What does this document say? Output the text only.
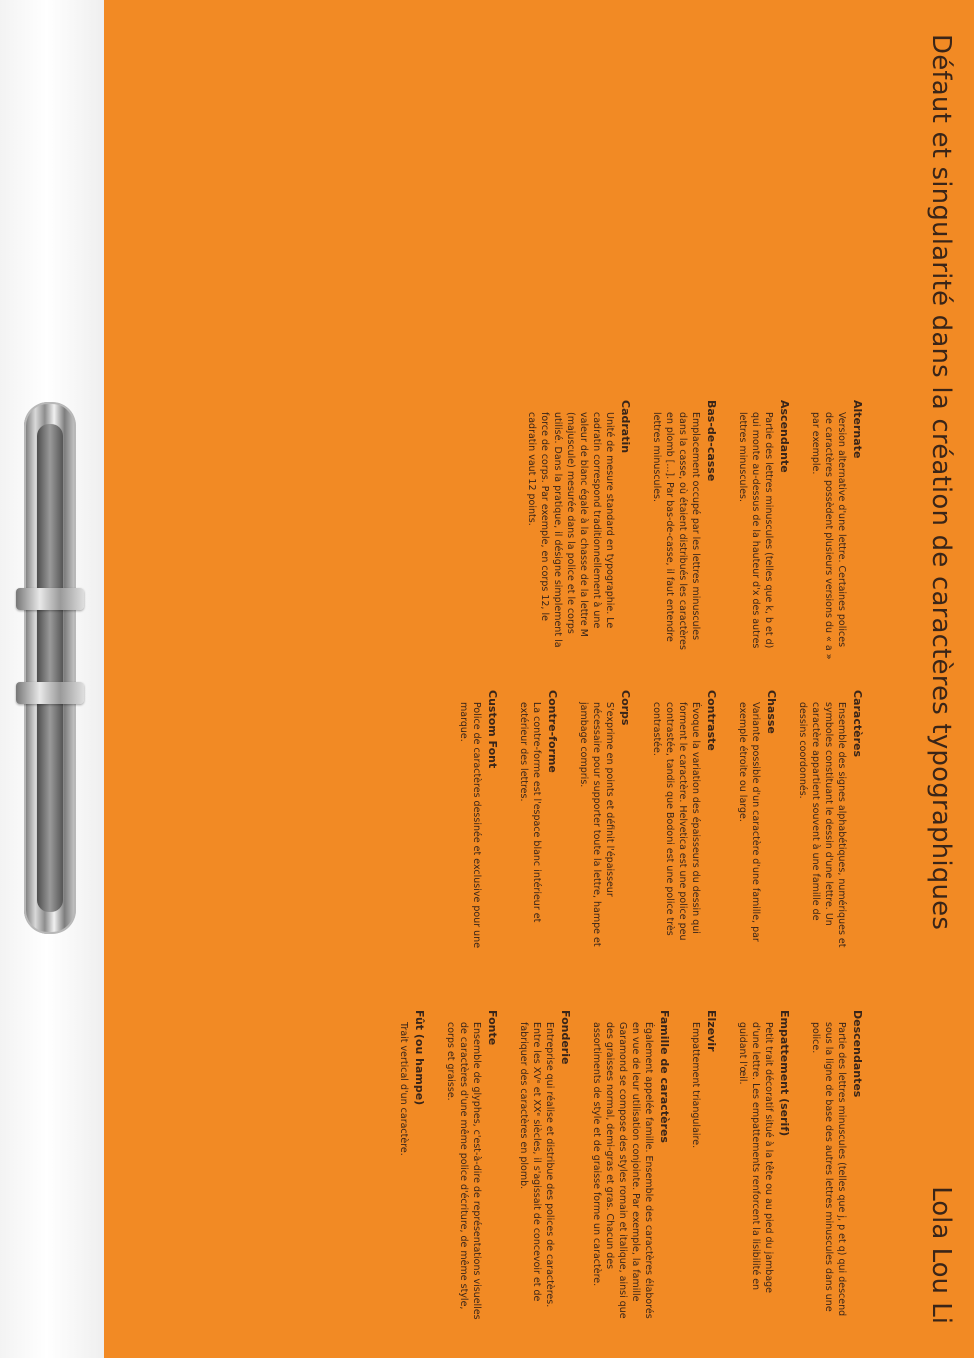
Défaut et singularité dans la création de caractères typographiques
Lola Lou Li

Alternate

Version alternative d'une lettre. Certaines polices de caractères possèdent plusieurs versions du « a » par exemple.

Ascendante

Partie des lettres minuscules (telles que k, b et d) qui monte au-dessus de la hauteur d'x des autres lettres minuscules.

Bas-de-casse

Emplacement occupé par les lettres minuscules dans la casse, où étaient distribués les caractères en plomb [...]. Par bas-de-casse, il faut entendre lettres minuscules.

Cadratin

Unité de mesure standard en typographie. Le cadratin correspond traditionnellement à une valeur de blanc égale à la chasse de la lettre M (majuscule) mesurée dans la police et le corps utilisé. Dans la pratique, il désigne simplement la force de corps. Par exemple, en corps 12, le cadratin vaut 12 points.

Caractères

Ensemble des signes alphabétiques, numériques et symboles constituant le dessin d'une lettre. Un caractère appartient souvent à une famille de dessins coordonnés.

Chasse

Variante possible d'un caractère d'une famille, par exemple étroite ou large.

Contraste

Évoque la variation des épaisseurs du dessin qui forment le caractère. Helvetica est une police peu contrastée, tandis que Bodoni est une police très contrastée.

Corps

S'exprime en points et définit l'épaisseur nécessaire pour supporter toute la lettre, hampe et jambage compris.

Contre-forme

La contre-forme est l'espace blanc intérieur et extérieur des lettres.

Custom Font

Police de caractères dessinée et exclusive pour une marque.

Descendantes

Partie des lettres minuscules (telles que j, p et q) qui descend sous la ligne de base des autres lettres minuscules dans une police.

Empattement (serif)

Petit trait décoratif situé à la tête ou au pied du jambage d'une lettre. Les empattements renforcent la lisibilité en guidant l'œil.

Elzevir

Empattement triangulaire.

Famille de caractères

Également appelée famille. Ensemble des caractères élaborés en vue de leur utilisation conjointe. Par exemple, la famille Garamond se compose des styles romain et italique, ainsi que des graisses normal, demi-gras et gras. Chacun des assortiments de style et de graisse forme un caractère.

Fonderie

Entreprise qui réalise et distribue des polices de caractères. Entre les XVᵉ et XXᵉ siècles, il s'agissait de concevoir et de fabriquer des caractères en plomb.

Fonte

Ensemble de glyphes, c'est-à-dire de représentations visuelles de caractères d'une même police d'écriture, de même style, corps et graisse.

Fût (ou hampe)

Trait vertical d'un caractère.
